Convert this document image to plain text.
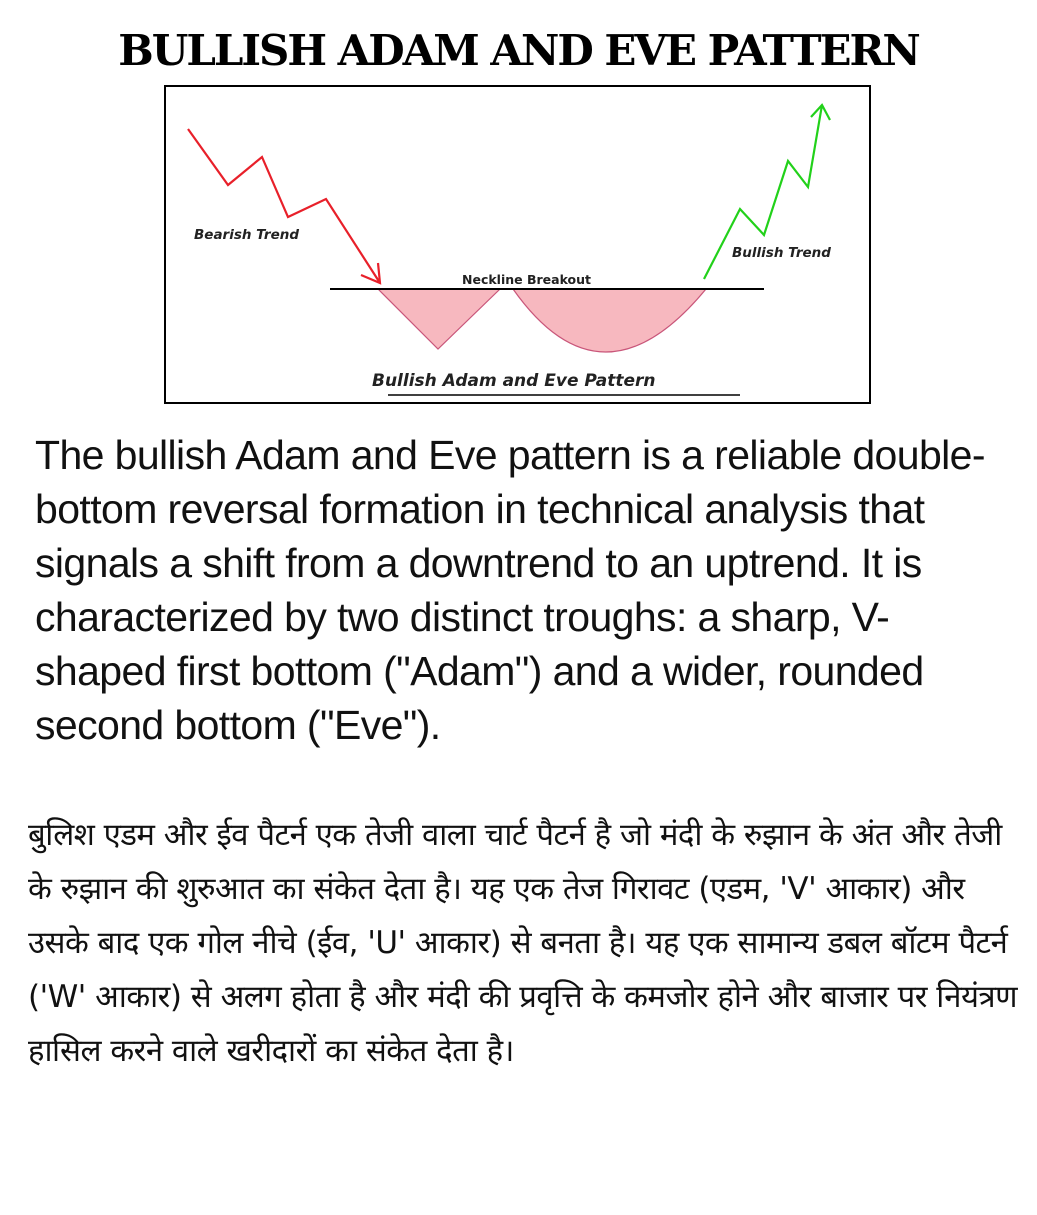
BULLISH ADAM AND EVE PATTERN
Bearish Trend
Bullish Trend
Neckline Breakout
Bullish Adam and Eve Pattern

The bullish Adam and Eve pattern is a reliable double-bottom reversal formation in technical analysis that signals a shift from a downtrend to an uptrend. It is characterized by two distinct troughs: a sharp, V-shaped first bottom ("Adam") and a wider, rounded second bottom ("Eve").

बुलिश एडम और ईव पैटर्न एक तेजी वाला चार्ट पैटर्न है जो मंदी के रुझान के अंत और तेजी के रुझान की शुरुआत का संकेत देता है। यह एक तेज गिरावट (एडम, 'V' आकार) और उसके बाद एक गोल नीचे (ईव, 'U' आकार) से बनता है। यह एक सामान्य डबल बॉटम पैटर्न ('W' आकार) से अलग होता है और मंदी की प्रवृत्ति के कमजोर होने और बाजार पर नियंत्रण हासिल करने वाले खरीदारों का संकेत देता है।
